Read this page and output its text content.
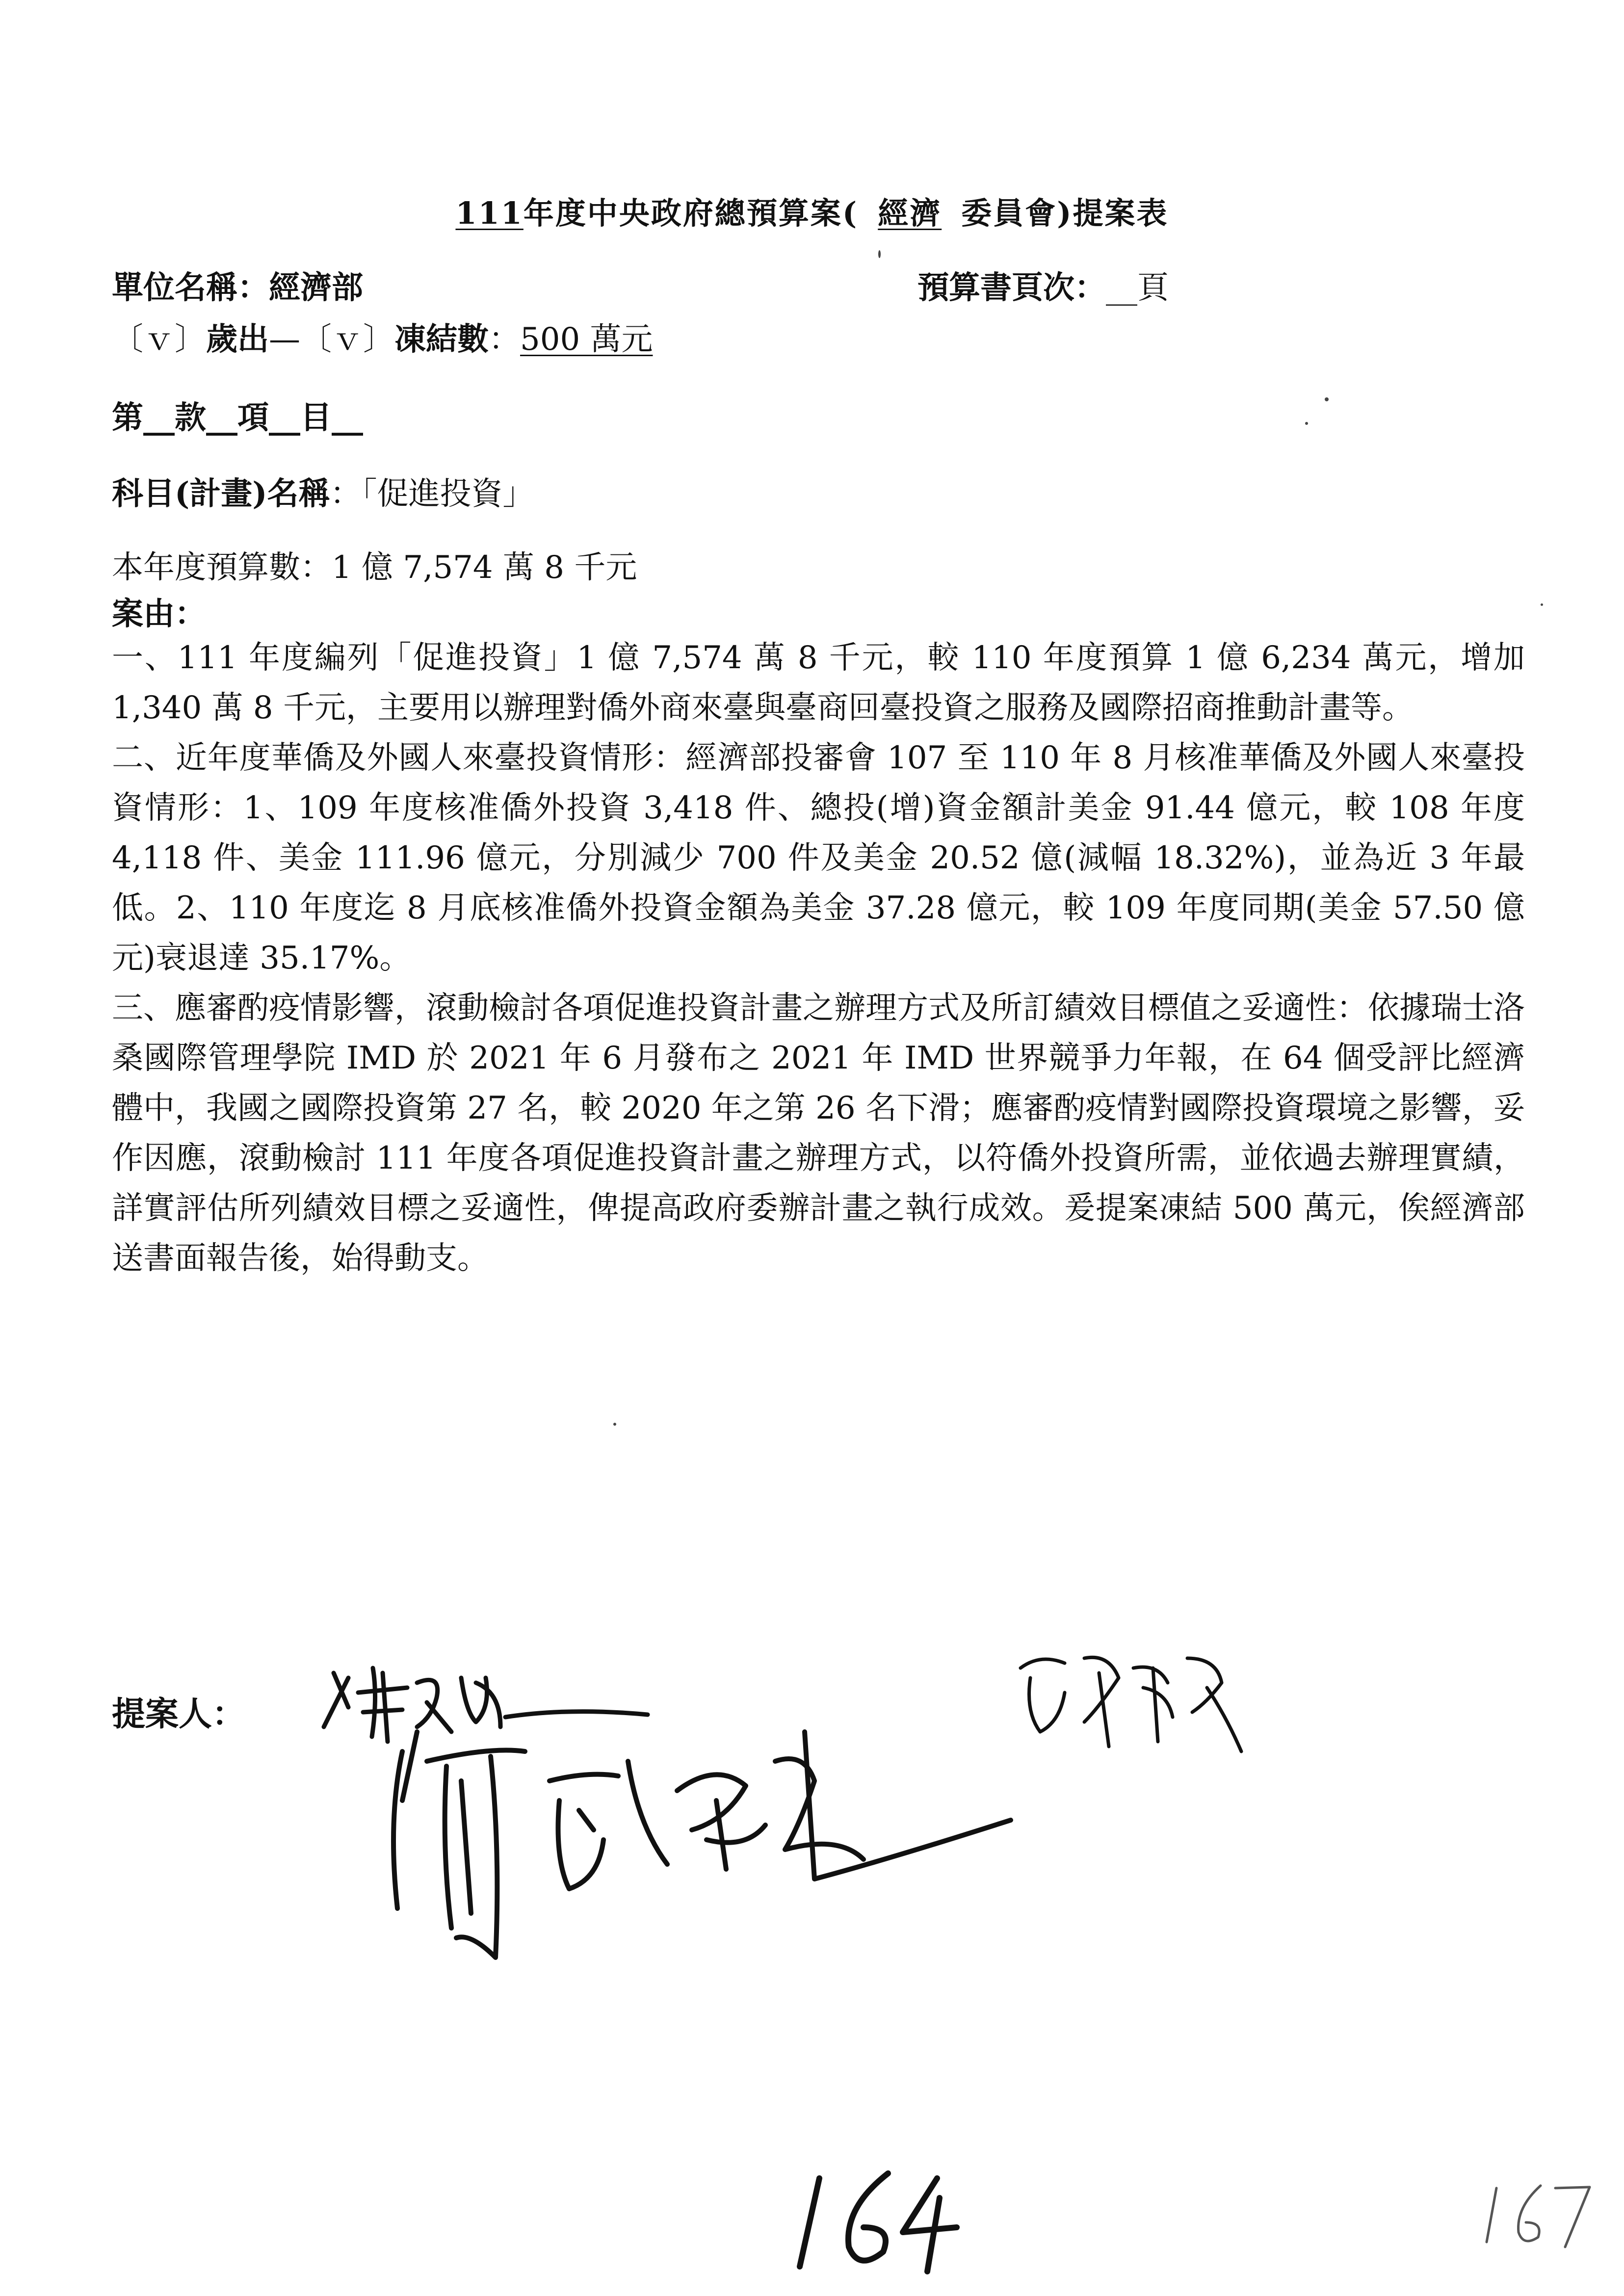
111年度中央政府總預算案( 經濟 委員會)提案表
單位名稱：經濟部	預算書頁次：__頁
〔ｖ〕歲出—〔ｖ〕凍結數：500 萬元
第__款__項__目__
科目(計畫)名稱：「促進投資」
本年度預算數：1 億 7,574 萬 8 千元
案由：

一、111 年度編列「促進投資」1 億 7,574 萬 8 千元，較 110 年度預算 1 億 6,234 萬元，增加 1,340 萬 8 千元，主要用以辦理對僑外商來臺與臺商回臺投資之服務及國際招商推動計畫等。

二、近年度華僑及外國人來臺投資情形：經濟部投審會 107 至 110 年 8 月核准華僑及外國人來臺投資情形：1、109 年度核准僑外投資 3,418 件、總投(增)資金額計美金 91.44 億元，較 108 年度 4,118 件、美金 111.96 億元，分別減少 700 件及美金 20.52 億(減幅 18.32%)，並為近 3 年最低。2、110 年度迄 8 月底核准僑外投資金額為美金 37.28 億元，較 109 年度同期(美金 57.50 億元)衰退達 35.17%。

三、應審酌疫情影響，滾動檢討各項促進投資計畫之辦理方式及所訂績效目標值之妥適性：依據瑞士洛桑國際管理學院 IMD 於 2021 年 6 月發布之 2021 年 IMD 世界競爭力年報，在 64 個受評比經濟體中，我國之國際投資第 27 名，較 2020 年之第 26 名下滑；應審酌疫情對國際投資環境之影響，妥作因應，滾動檢討 111 年度各項促進投資計畫之辦理方式，以符僑外投資所需，並依過去辦理實績，詳實評估所列績效目標之妥適性，俾提高政府委辦計畫之執行成效。爰提案凍結 500 萬元，俟經濟部送書面報告後，始得動支。

提案人：
